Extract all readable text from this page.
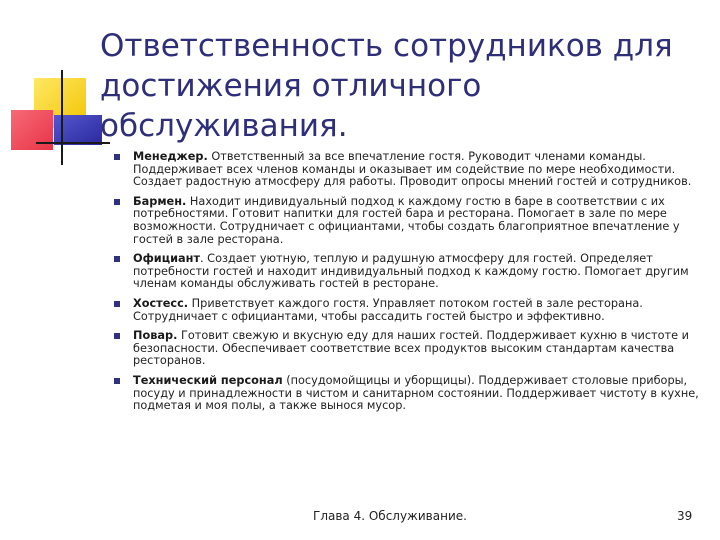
Ответственность сотрудников для достижения отличного обслуживания.
Менеджер. Ответственный за все впечатление гостя. Руководит членами команды. Поддерживает всех членов команды и оказывает им содействие по мере необходимости. Создает радостную атмосферу для работы. Проводит опросы мнений гостей и сотрудников.
Бармен. Находит индивидуальный подход к каждому гостю в баре в соответствии с их потребностями. Готовит напитки для гостей бара и ресторана. Помогает в зале по мере возможности. Сотрудничает с официантами, чтобы создать благоприятное впечатление у гостей в зале ресторана.
Официант. Создает уютную, теплую и радушную атмосферу для гостей. Определяет потребности гостей и находит индивидуальный подход к каждому гостю. Помогает другим членам команды обслуживать гостей в ресторане.
Хостесс. Приветствует каждого гостя. Управляет потоком гостей в зале ресторана. Сотрудничает с официантами, чтобы рассадить гостей быстро и эффективно.
Повар. Готовит свежую и вкусную еду для наших гостей. Поддерживает кухню в чистоте и безопасности. Обеспечивает соответствие всех продуктов высоким стандартам качества ресторанов.
Технический персонал (посудомойщицы и уборщицы). Поддерживает столовые приборы, посуду и принадлежности в чистом и санитарном состоянии. Поддерживает чистоту в кухне, подметая и моя полы, а также вынося мусор.
Глава 4. Обслуживание.	39
